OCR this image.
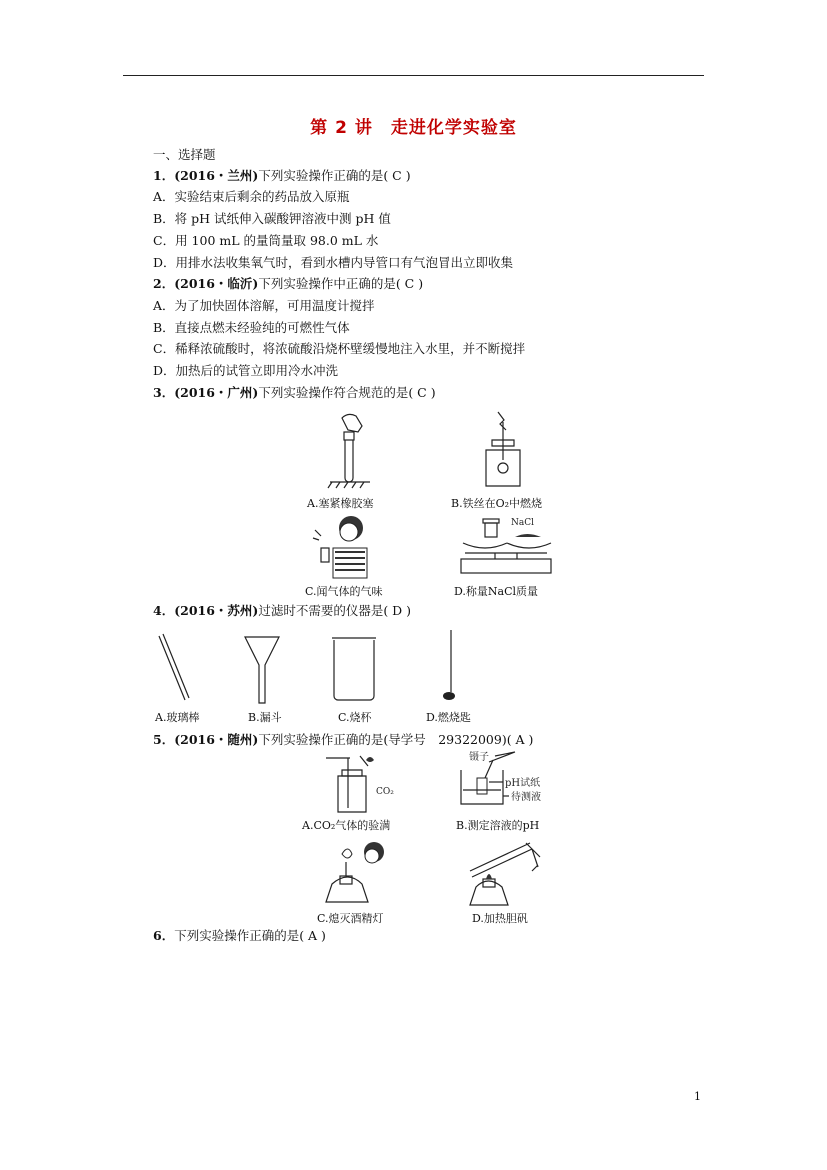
第 2 讲　走进化学实验室
一、选择题
1．(2016・兰州)下列实验操作正确的是( C )
A．实验结束后剩余的药品放入原瓶
B．将 pH 试纸伸入碳酸钾溶液中测 pH 值
C．用 100 mL 的量筒量取 98.0 mL 水
D．用排水法收集氧气时，看到水槽内导管口有气泡冒出立即收集
2．(2016・临沂)下列实验操作中正确的是( C )
A．为了加快固体溶解，可用温度计搅拌
B．直接点燃未经验纯的可燃性气体
C．稀释浓硫酸时，将浓硫酸沿烧杯壁缓慢地注入水里，并不断搅拌
D．加热后的试管立即用冷水冲洗
3．(2016・广州)下列实验操作符合规范的是( C )
A.塞紧橡胶塞	B.铁丝在O₂中燃烧
C.闻气体的气味
NaCl
D.称量NaCl质量
4．(2016・苏州)过滤时不需要的仪器是( D )
A.玻璃棒	B.漏斗	C.烧杯	D.燃烧匙
5．(2016・随州)下列实验操作正确的是(导学号　29322009)( A )
CO₂
A.CO₂气体的验满
镊子
pH试纸
待测液
B.测定溶液的pH
C.熄灭酒精灯	D.加热胆矾
6．下列实验操作正确的是( A )
1
